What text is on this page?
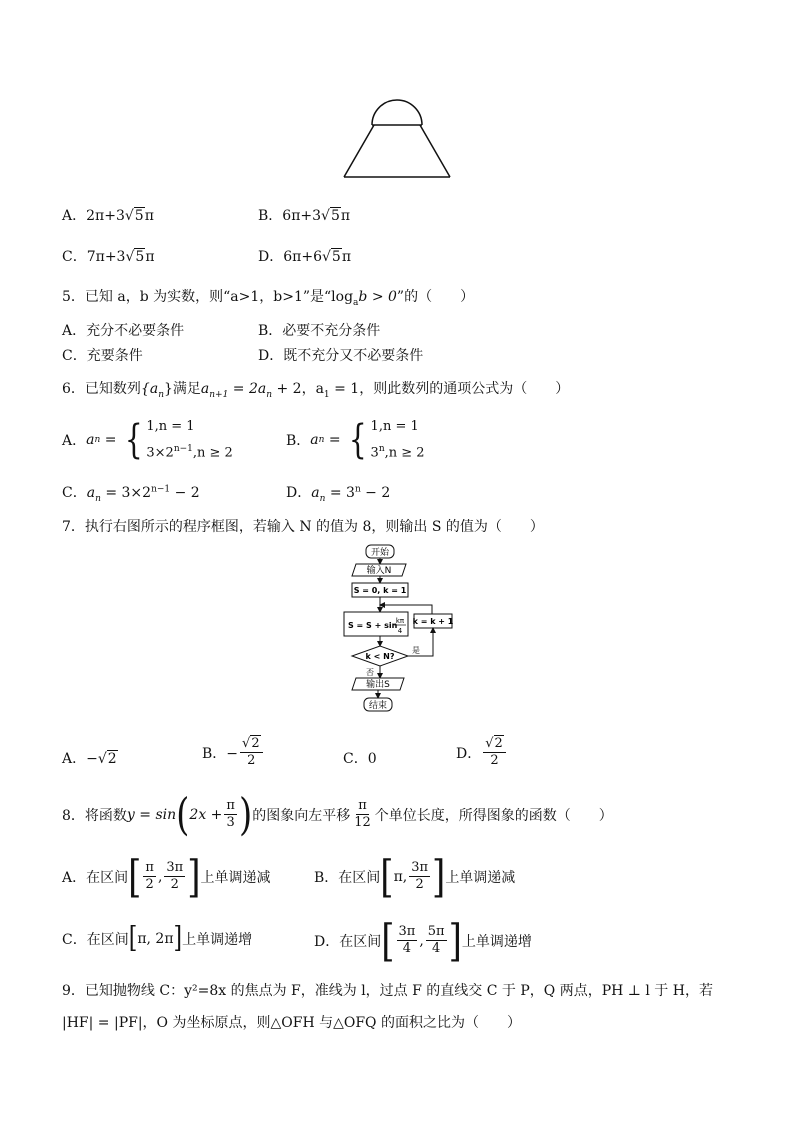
A．2π+3√5π	B．6π+3√5π
C．7π+3√5π	D．6π+6√5π
5．已知 a，b 为实数，则“a>1，b>1”是“$\log_ab > 0$”的（　　）
A．充分不必要条件	B．必要不充分条件
C．充要条件	D．既不充分又不必要条件
6．已知数列$\{a_n\}$满足$a_{n+1} = 2a_n + 2$，$a_1 = 1$，则此数列的通项公式为（　　）
A． a n = { 1,n = 1
$3\times 2^{n-1},n \ge 2$
B． a n = { 1,n = 1
$3^n,n \ge 2$
C．$a_n = 3\times 2^{n-1} - 2$	D．$a_n = 3^n - 2$
7．执行右图所示的程序框图，若输入 N 的值为 8，则输出 S 的值为（　　）
开始
输入N
S = 0, k = 1
S = S + sin
kπ
4
k = k + 1
k < N?
是
否
输出S
结束
A．−√2	B．− $\frac{√2}{2}$	C．0	D． $\frac{√2}{2}$
8．将函数 y = sin ( $2x + \frac{\pi}{3}$ ) 的图象向左平移 $\frac{\pi}{12}$ 个单位长度，所得图象的函数（　　）
A．在区间 [ $\frac{\pi}{2}$ , $\frac{3\pi}{2}$ ] 上单调递减	B．在区间 [ π, $\frac{3\pi}{2}$ ] 上单调递减
C．在区间 [ π, 2π ] 上单调递增	D．在区间 [ $\frac{3\pi}{4}$ , $\frac{5\pi}{4}$ ] 上单调递增
9．已知抛物线 C：y²=8x 的焦点为 F，准线为 l，过点 F 的直线交 C 于 P，Q 两点，PH ⊥ l 于 H，若
|HF| = |PF|，O 为坐标原点，则△OFH 与△OFQ 的面积之比为（　　）
